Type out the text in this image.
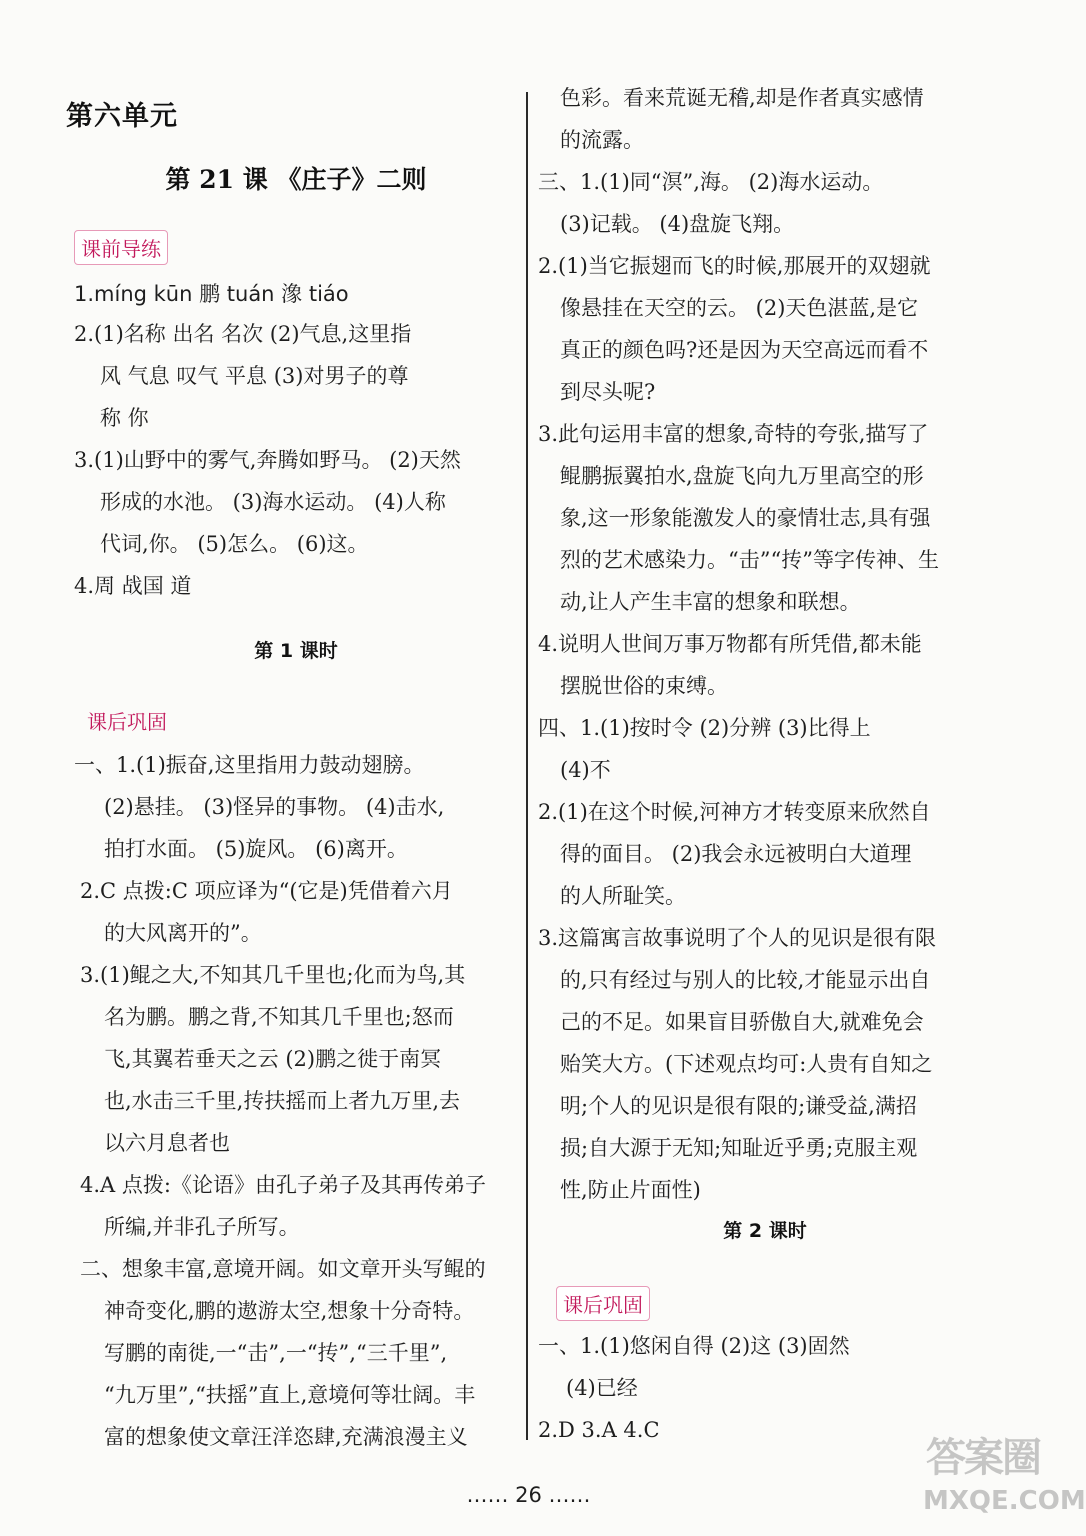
第六单元
第 21 课 《庄子》二则
课前导练
1.míng kūn 鹏 tuán 潒 tiáo
2.(1)名称 出名 名次 (2)气息,这里指
风 气息 叹气 平息 (3)对男子的尊
称 你
3.(1)山野中的雾气,奔腾如野马。 (2)天然
形成的水池。 (3)海水运动。 (4)人称
代词,你。 (5)怎么。 (6)这。
4.周 战国 道
第 1 课时
课后巩固
一、1.(1)振奋,这里指用力鼓动翅膀。
(2)悬挂。 (3)怪异的事物。 (4)击水,
拍打水面。 (5)旋风。 (6)离开。
2.C 点拨:C 项应译为“(它是)凭借着六月
的大风离开的”。
3.(1)鲲之大,不知其几千里也;化而为鸟,其
名为鹏。鹏之背,不知其几千里也;怒而
飞,其翼若垂天之云 (2)鹏之徙于南冥
也,水击三千里,抟扶摇而上者九万里,去
以六月息者也
4.A 点拨:《论语》由孔子弟子及其再传弟子
所编,并非孔子所写。
二、想象丰富,意境开阔。如文章开头写鲲的
神奇变化,鹏的遨游太空,想象十分奇特。
写鹏的南徙,一“击”,一“抟”,“三千里”,
“九万里”,“扶摇”直上,意境何等壮阔。丰
富的想象使文章汪洋恣肆,充满浪漫主义
色彩。看来荒诞无稽,却是作者真实感情
的流露。
三、1.(1)同“溟”,海。 (2)海水运动。
(3)记载。 (4)盘旋飞翔。
2.(1)当它振翅而飞的时候,那展开的双翅就
像悬挂在天空的云。 (2)天色湛蓝,是它
真正的颜色吗?还是因为天空高远而看不
到尽头呢?
3.此句运用丰富的想象,奇特的夸张,描写了
鲲鹏振翼拍水,盘旋飞向九万里高空的形
象,这一形象能激发人的豪情壮志,具有强
烈的艺术感染力。“击”“抟”等字传神、生
动,让人产生丰富的想象和联想。
4.说明人世间万事万物都有所凭借,都未能
摆脱世俗的束缚。
四、1.(1)按时令 (2)分辨 (3)比得上
(4)不
2.(1)在这个时候,河神方才转变原来欣然自
得的面目。 (2)我会永远被明白大道理
的人所耻笑。
3.这篇寓言故事说明了个人的见识是很有限
的,只有经过与别人的比较,才能显示出自
己的不足。如果盲目骄傲自大,就难免会
贻笑大方。(下述观点均可:人贵有自知之
明;个人的见识是很有限的;谦受益,满招
损;自大源于无知;知耻近乎勇;克服主观
性,防止片面性)
第 2 课时
课后巩固
一、1.(1)悠闲自得 (2)这 (3)固然
(4)已经
2.D 3.A 4.C
…… 26 ……
答案圈
MXQE.COM
